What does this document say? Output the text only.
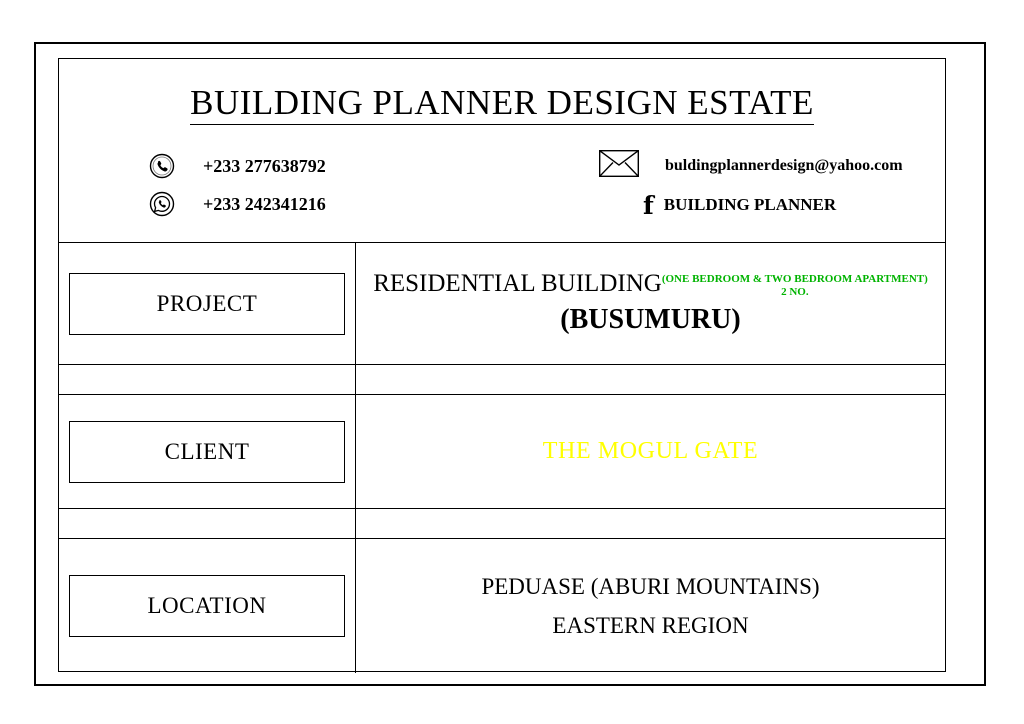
BUILDING PLANNER DESIGN ESTATE
+233 277638792
+233 242341216
buldingplannerdesign@yahoo.com
f BUILDING PLANNER
PROJECT
RESIDENTIAL BUILDING (ONE BEDROOM & TWO BEDROOM APARTMENT)
2 NO.
(BUSUMURU)
CLIENT	THE MOGUL GATE
LOCATION
PEDUASE (ABURI MOUNTAINS)
EASTERN REGION
